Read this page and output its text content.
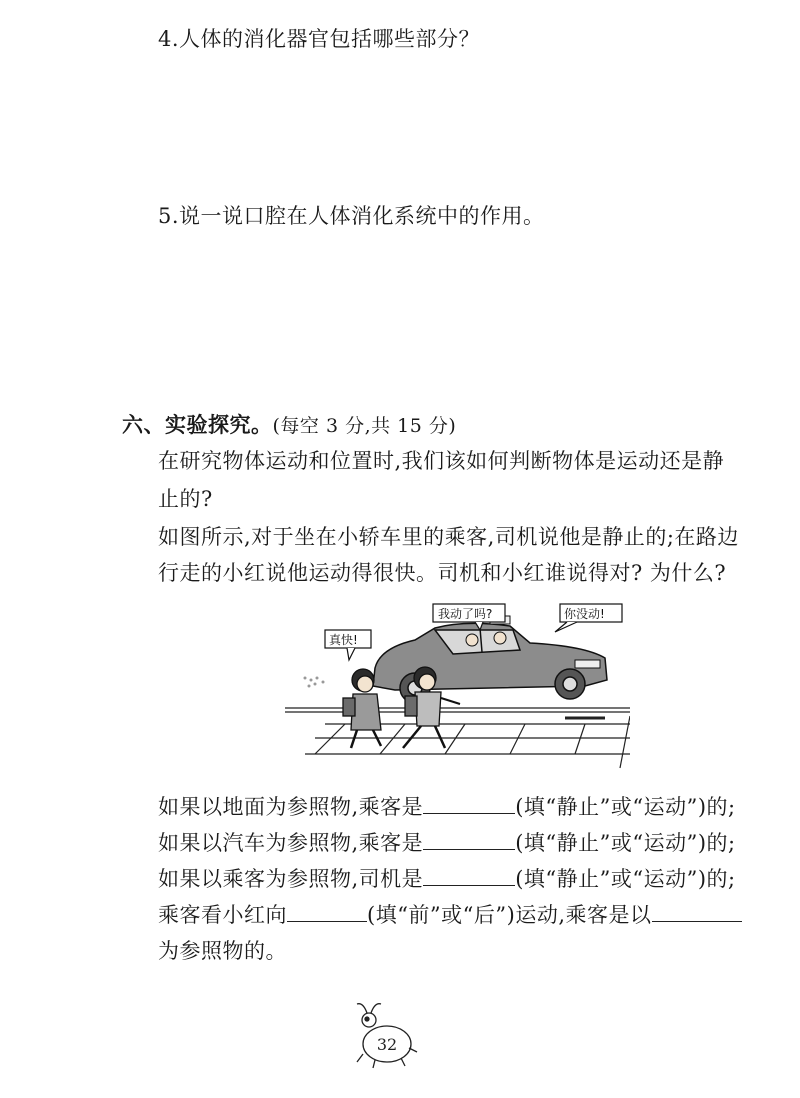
4.人体的消化器官包括哪些部分？
5.说一说口腔在人体消化系统中的作用。
六、实验探究。(每空 3 分,共 15 分)
在研究物体运动和位置时,我们该如何判断物体是运动还是静
止的?
如图所示,对于坐在小轿车里的乘客,司机说他是静止的;在路边
行走的小红说他运动得很快。司机和小红谁说得对? 为什么?
我动了吗?	你没动!
真快!
如果以地面为参照物,乘客是	(填“静止”或“运动”)的;
如果以汽车为参照物,乘客是	(填“静止”或“运动”)的;
如果以乘客为参照物,司机是	(填“静止”或“运动”)的;
乘客看小红向	(填“前”或“后”)运动,乘客是以
为参照物的。
32
